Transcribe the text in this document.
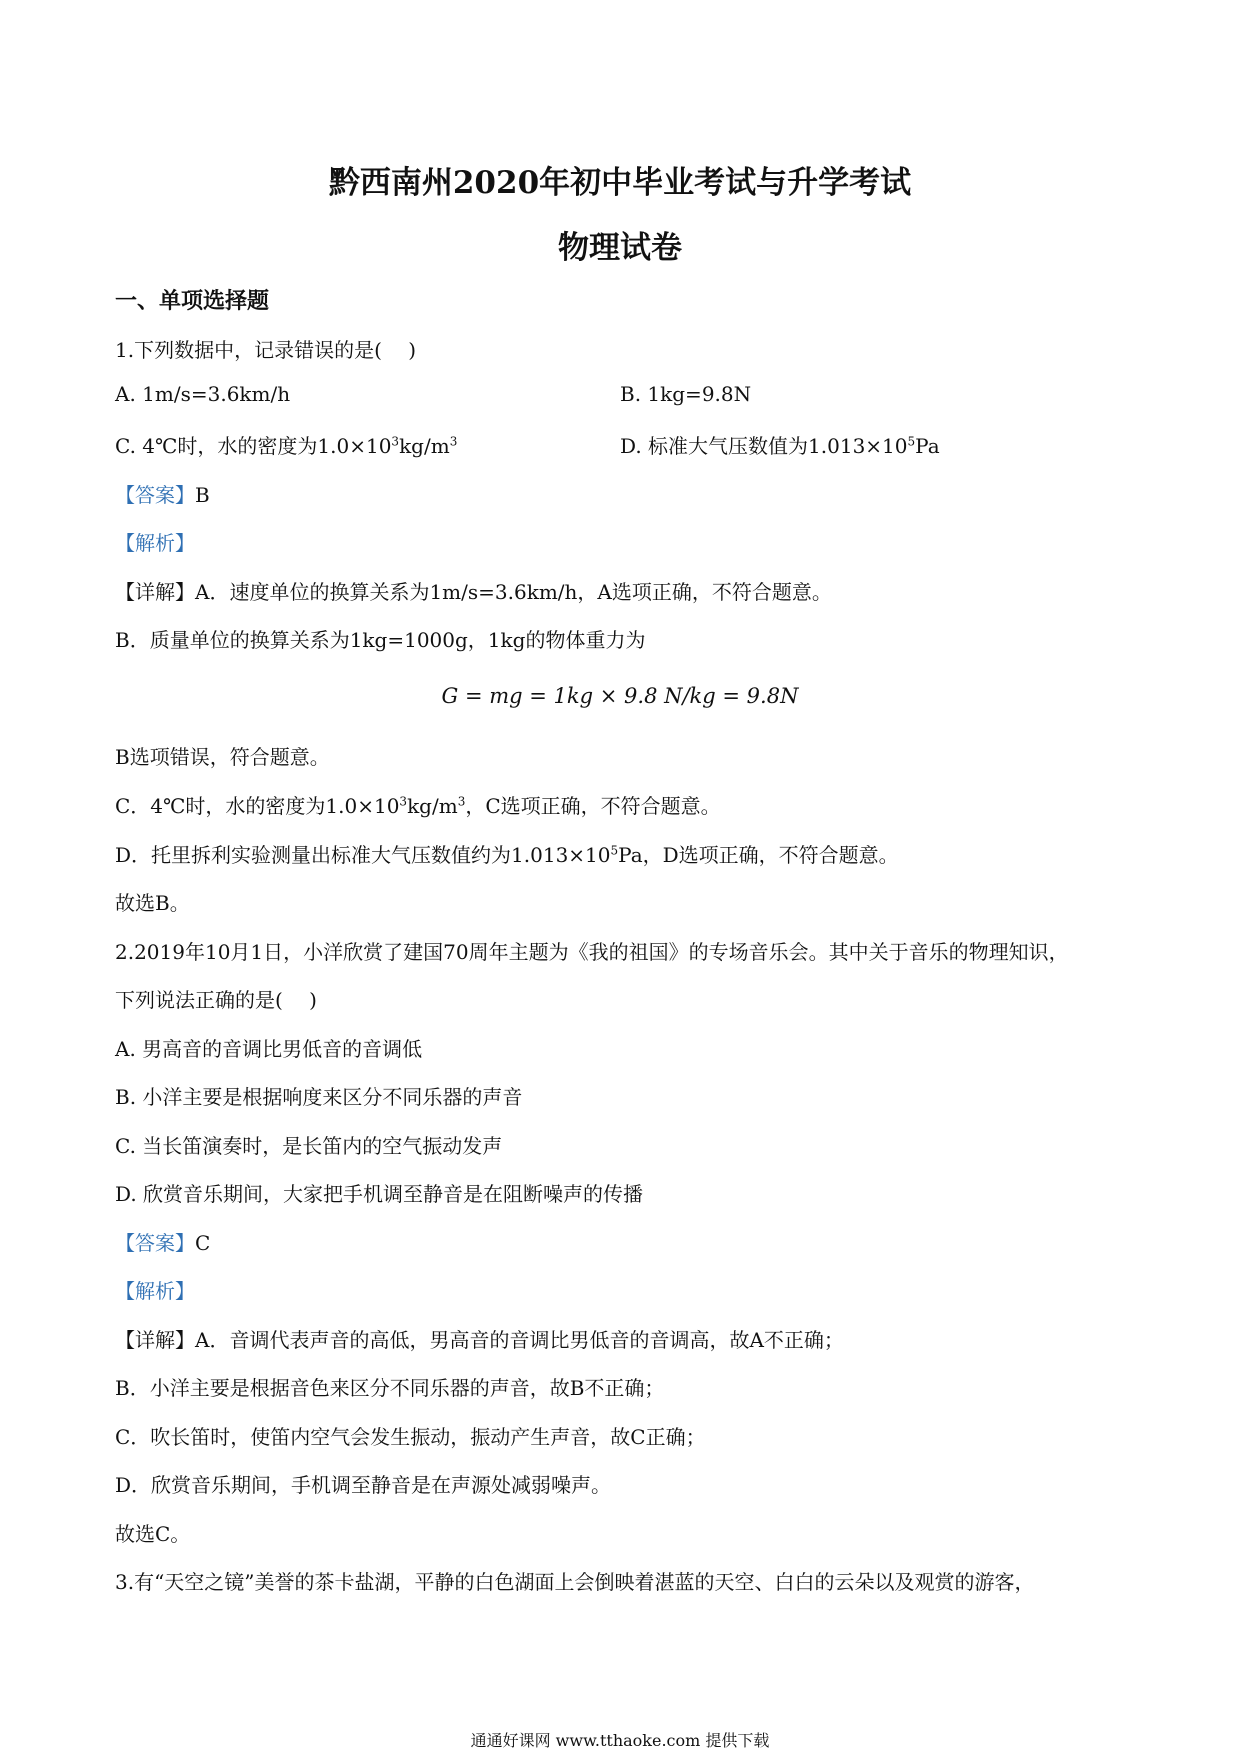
黔西南州2020年初中毕业考试与升学考试
物理试卷
一、单项选择题
1.下列数据中，记录错误的是(　 )
A. 1m/s=3.6km/h	B. 1kg=9.8N
C. 4℃时，水的密度为$1.0\times 10^3kg/m^3$	D. 标准大气压数值为$1.013\times 10^5Pa$
【答案】B
【解析】
【详解】A．速度单位的换算关系为1m/s=3.6km/h，A选项正确，不符合题意。
B．质量单位的换算关系为1kg=1000g，1kg的物体重力为
G = mg = 1kg × 9.8 N/kg = 9.8N
B选项错误，符合题意。
C．4℃时，水的密度为$1.0\times 10^3kg/m^3$，C选项正确，不符合题意。
D．托里拆利实验测量出标准大气压数值约为$1.013\times 10^5Pa$，D选项正确，不符合题意。
故选B。
2.2019年10月1日，小洋欣赏了建国70周年主题为《我的祖国》的专场音乐会。其中关于音乐的物理知识，
下列说法正确的是(　 )
A. 男高音的音调比男低音的音调低
B. 小洋主要是根据响度来区分不同乐器的声音
C. 当长笛演奏时，是长笛内的空气振动发声
D. 欣赏音乐期间，大家把手机调至静音是在阻断噪声的传播
【答案】C
【解析】
【详解】A．音调代表声音的高低，男高音的音调比男低音的音调高，故A不正确；
B．小洋主要是根据音色来区分不同乐器的声音，故B不正确；
C．吹长笛时，使笛内空气会发生振动，振动产生声音，故C正确；
D．欣赏音乐期间，手机调至静音是在声源处减弱噪声。
故选C。
3.有“天空之镜”美誉的茶卡盐湖，平静的白色湖面上会倒映着湛蓝的天空、白白的云朵以及观赏的游客，
通通好课网 www.tthaoke.com 提供下载
